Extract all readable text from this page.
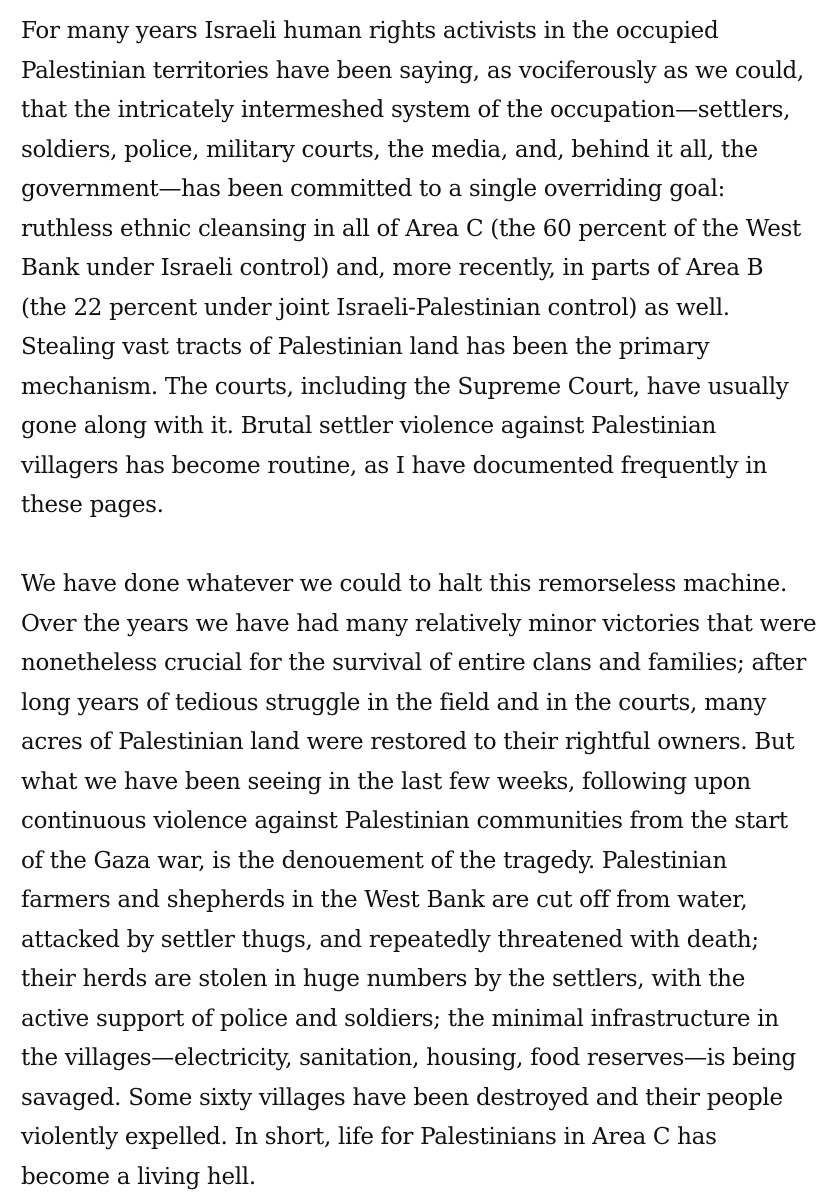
For many years Israeli human rights activists in the occupied
Palestinian territories have been saying, as vociferously as we could,
that the intricately intermeshed system of the occupation—settlers,
soldiers, police, military courts, the media, and, behind it all, the
government—has been committed to a single overriding goal:
ruthless ethnic cleansing in all of Area C (the 60 percent of the West
Bank under Israeli control) and, more recently, in parts of Area B
(the 22 percent under joint Israeli-Palestinian control) as well.
Stealing vast tracts of Palestinian land has been the primary
mechanism. The courts, including the Supreme Court, have usually
gone along with it. Brutal settler violence against Palestinian
villagers has become routine, as I have documented frequently in
these pages.

We have done whatever we could to halt this remorseless machine.
Over the years we have had many relatively minor victories that were
nonetheless crucial for the survival of entire clans and families; after
long years of tedious struggle in the field and in the courts, many
acres of Palestinian land were restored to their rightful owners. But
what we have been seeing in the last few weeks, following upon
continuous violence against Palestinian communities from the start
of the Gaza war, is the denouement of the tragedy. Palestinian
farmers and shepherds in the West Bank are cut off from water,
attacked by settler thugs, and repeatedly threatened with death;
their herds are stolen in huge numbers by the settlers, with the
active support of police and soldiers; the minimal infrastructure in
the villages—electricity, sanitation, housing, food reserves—is being
savaged. Some sixty villages have been destroyed and their people
violently expelled. In short, life for Palestinians in Area C has
become a living hell.
